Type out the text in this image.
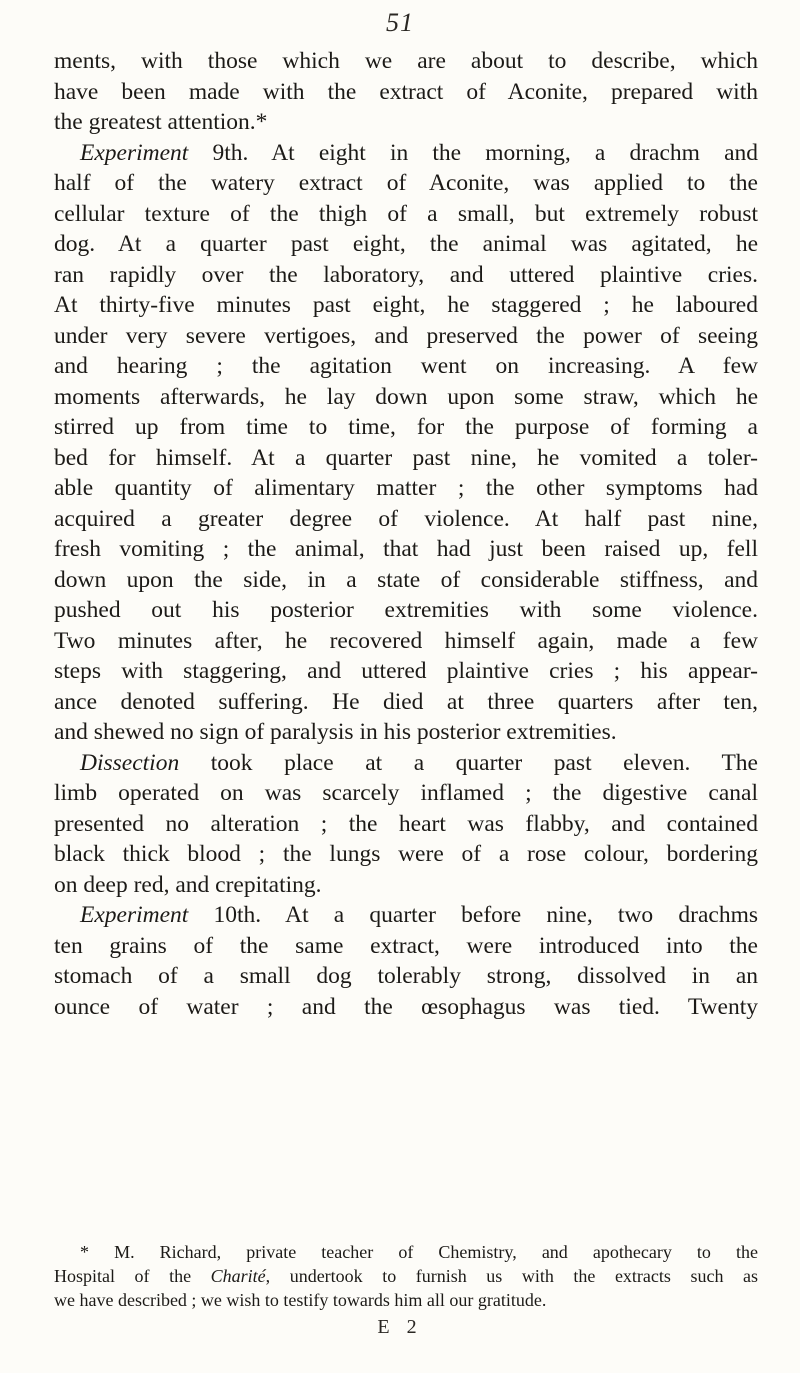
51
ments, with those which we are about to describe, which
have been made with the extract of Aconite, prepared with
the greatest attention.*
Experiment 9th. At eight in the morning, a drachm and
half of the watery extract of Aconite, was applied to the
cellular texture of the thigh of a small, but extremely robust
dog. At a quarter past eight, the animal was agitated, he
ran rapidly over the laboratory, and uttered plaintive cries.
At thirty-five minutes past eight, he staggered ; he laboured
under very severe vertigoes, and preserved the power of seeing
and hearing ; the agitation went on increasing. A few
moments afterwards, he lay down upon some straw, which he
stirred up from time to time, for the purpose of forming a
bed for himself. At a quarter past nine, he vomited a toler-
able quantity of alimentary matter ; the other symptoms had
acquired a greater degree of violence. At half past nine,
fresh vomiting ; the animal, that had just been raised up, fell
down upon the side, in a state of considerable stiffness, and
pushed out his posterior extremities with some violence.
Two minutes after, he recovered himself again, made a few
steps with staggering, and uttered plaintive cries ; his appear-
ance denoted suffering. He died at three quarters after ten,
and shewed no sign of paralysis in his posterior extremities.
Dissection took place at a quarter past eleven. The
limb operated on was scarcely inflamed ; the digestive canal
presented no alteration ; the heart was flabby, and contained
black thick blood ; the lungs were of a rose colour, bordering
on deep red, and crepitating.
Experiment 10th. At a quarter before nine, two drachms
ten grains of the same extract, were introduced into the
stomach of a small dog tolerably strong, dissolved in an
ounce of water ; and the œsophagus was tied. Twenty
* M. Richard, private teacher of Chemistry, and apothecary to the
Hospital of the Charité, undertook to furnish us with the extracts such as
we have described ; we wish to testify towards him all our gratitude.
E 2
